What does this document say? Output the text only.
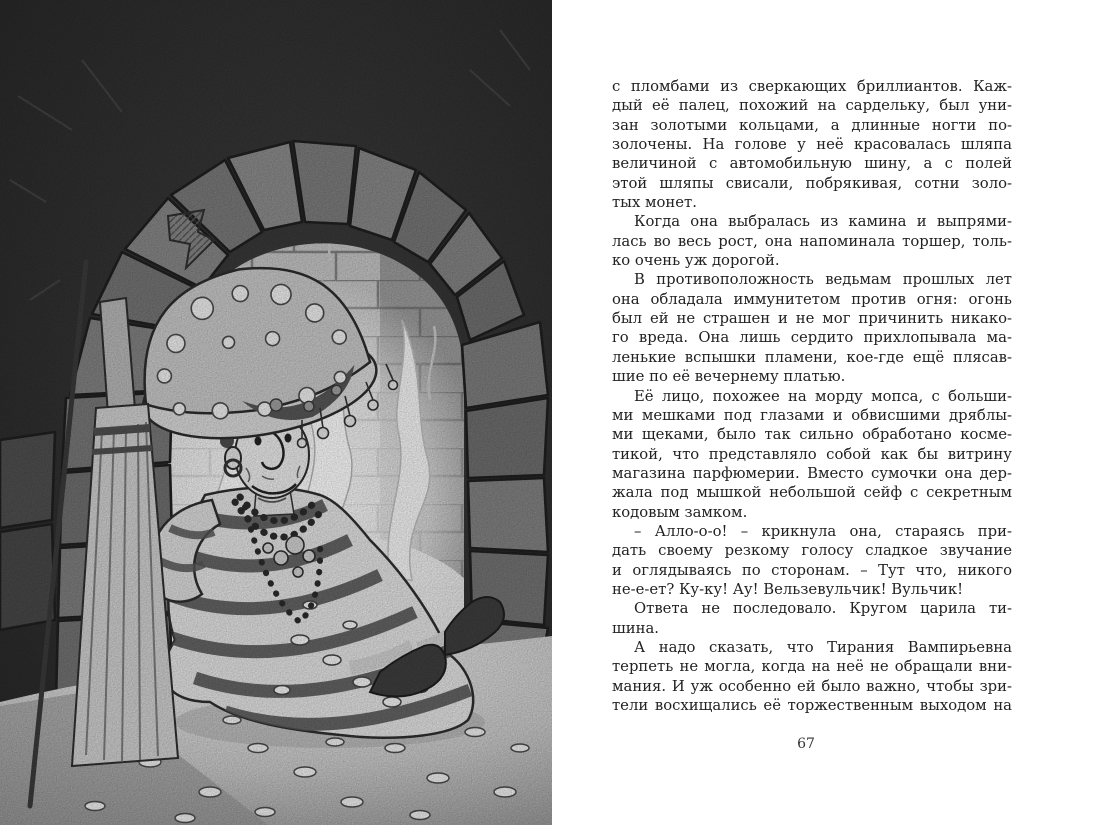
с пломбами из сверкающих бриллиантов. Каж-
дый её палец, похожий на сардельку, был уни-
зан золотыми кольцами, а длинные ногти по-
золочены. На голове у неё красовалась шляпа
величиной с автомобильную шину, а с полей
этой шляпы свисали, побрякивая, сотни золо-
тых монет.
Когда она выбралась из камина и выпрями-
лась во весь рост, она напоминала торшер, толь-
ко очень уж дорогой.
В противоположность ведьмам прошлых лет
она обладала иммунитетом против огня: огонь
был ей не страшен и не мог причинить никако-
го вреда. Она лишь сердито прихлопывала ма-
ленькие вспышки пламени, кое-где ещё плясав-
шие по её вечернему платью.
Её лицо, похожее на морду мопса, с больши-
ми мешками под глазами и обвисшими дряблы-
ми щеками, было так сильно обработано косме-
тикой, что представляло собой как бы витрину
магазина парфюмерии. Вместо сумочки она дер-
жала под мышкой небольшой сейф с секретным
кодовым замком.
– Алло-о-о! – крикнула она, стараясь при-
дать своему резкому голосу сладкое звучание
и оглядываясь по сторонам. – Тут что, никого
не-е-ет? Ку-ку! Ау! Вельзевульчик! Вульчик!
Ответа не последовало. Кругом царила ти-
шина.
А надо сказать, что Тирания Вампирьевна
терпеть не могла, когда на неё не обращали вни-
мания. И уж особенно ей было важно, чтобы зри-
тели восхищались её торжественным выходом на
67
